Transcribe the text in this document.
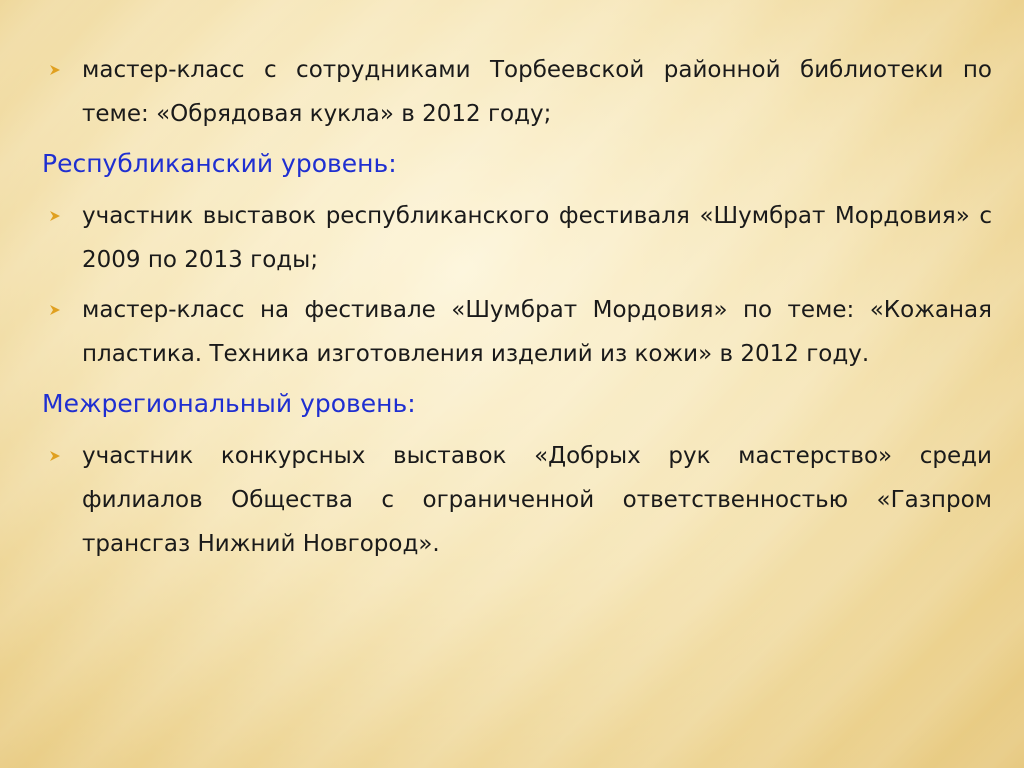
мастер-класс с сотрудниками Торбеевской районной библиотеки по теме: «Обрядовая кукла» в 2012 году;
Республиканский уровень:
участник выставок республиканского фестиваля «Шумбрат Мордовия» с 2009 по 2013 годы;
мастер-класс на фестивале «Шумбрат Мордовия» по теме: «Кожаная пластика. Техника изготовления изделий из кожи» в 2012 году.
Межрегиональный уровень:
участник конкурсных выставок «Добрых рук мастерство» среди филиалов Общества с ограниченной ответственностью «Газпром трансгаз Нижний Новгород».
